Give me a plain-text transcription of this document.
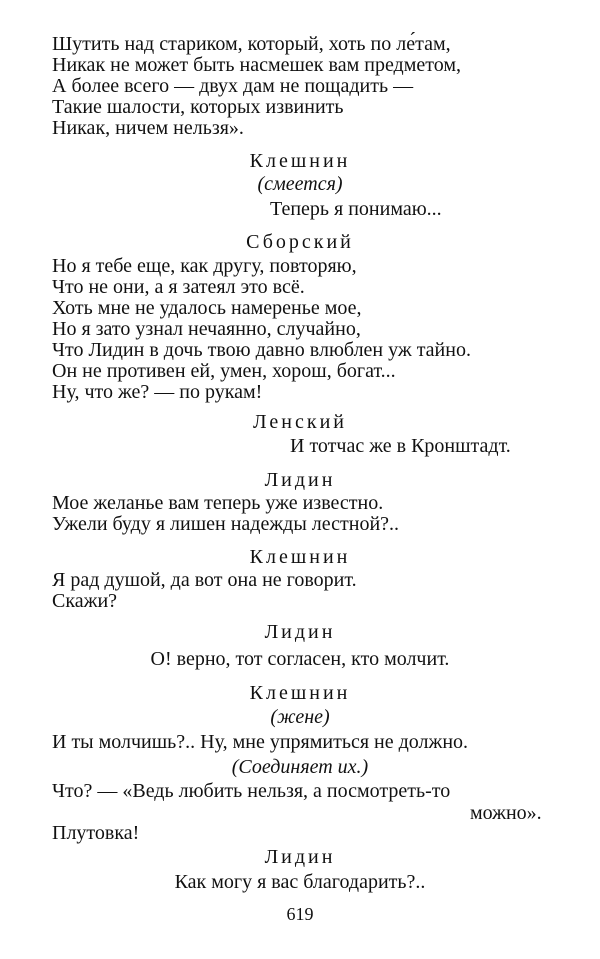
Шутить над стариком, который, хоть по ле́там,
Никак не может быть насмешек вам предметом,
А более всего — двух дам не пощадить —
Такие шалости, которых извинить
Никак, ничем нельзя».
Клешнин
(смеется)
Теперь я понимаю...
Сборский
Но я тебе еще, как другу, повторяю,
Что не они, а я затеял это всё.
Хоть мне не удалось намеренье мое,
Но я зато узнал нечаянно, случайно,
Что Лидин в дочь твою давно влюблен уж тайно.
Он не противен ей, умен, хорош, богат...
Ну, что же? — по рукам!
Ленский
И тотчас же в Кронштадт.
Лидин
Мое желанье вам теперь уже известно.
Ужели буду я лишен надежды лестной?..
Клешнин
Я рад душой, да вот она не говорит.
Скажи?
Лидин
О! верно, тот согласен, кто молчит.
Клешнин
(жене)
И ты молчишь?.. Ну, мне упрямиться не должно.
(Соединяет их.)
Что? — «Ведь любить нельзя, а посмотреть-то
можно».
Плутовка!
Лидин
Как могу я вас благодарить?..
619
